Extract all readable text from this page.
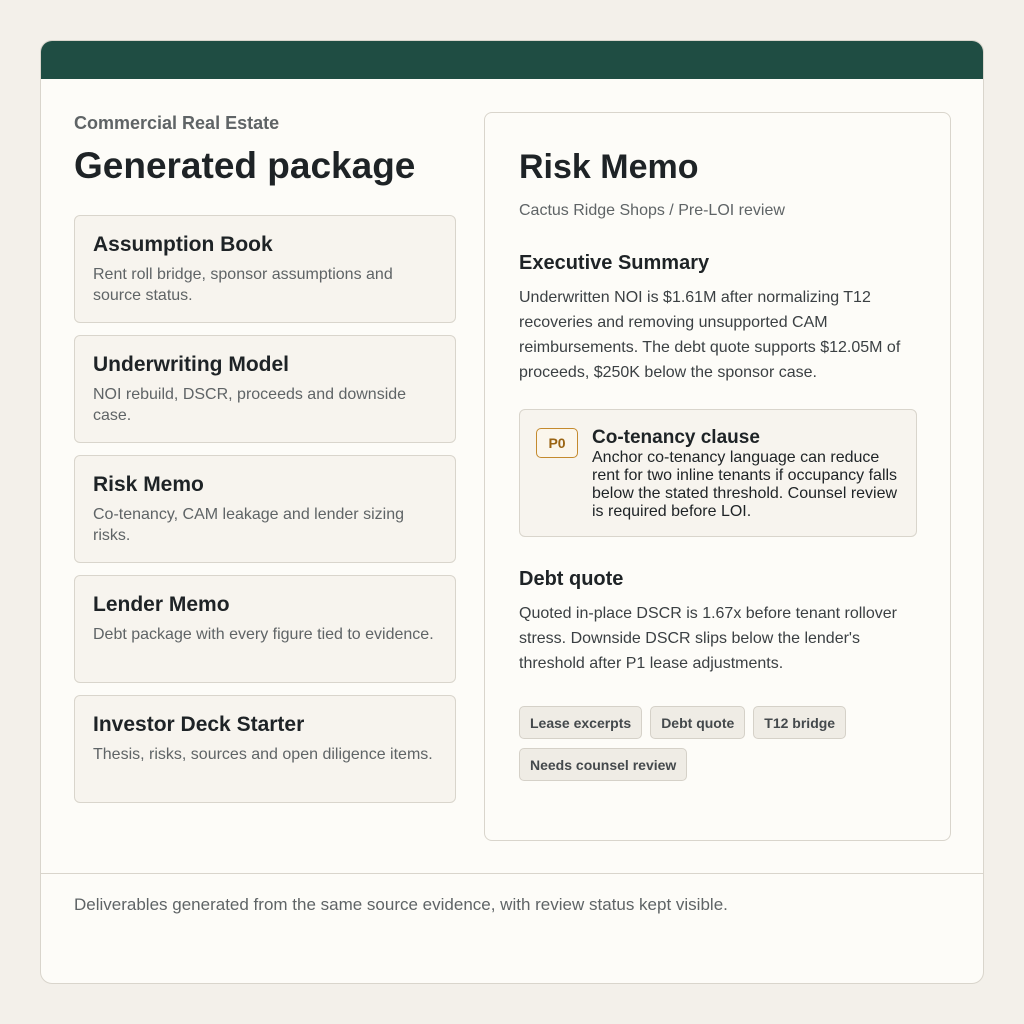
Commercial Real Estate
Generated package
Assumption Book
Rent roll bridge, sponsor assumptions and source status.
Underwriting Model
NOI rebuild, DSCR, proceeds and downside case.
Risk Memo
Co-tenancy, CAM leakage and lender sizing risks.
Lender Memo
Debt package with every figure tied to evidence.
Investor Deck Starter
Thesis, risks, sources and open diligence items.
Risk Memo
Cactus Ridge Shops / Pre-LOI review
Executive Summary
Underwritten NOI is $1.61M after normalizing T12 recoveries and removing unsupported CAM reimbursements. The debt quote supports $12.05M of proceeds, $250K below the sponsor case.
P0	Co-tenancy clause
Anchor co-tenancy language can reduce rent for two inline tenants if occupancy falls below the stated threshold. Counsel review is required before LOI.
Debt quote
Quoted in-place DSCR is 1.67x before tenant rollover stress. Downside DSCR slips below the lender's threshold after P1 lease adjustments.
Lease excerpts	Debt quote	T12 bridge
Needs counsel review
Deliverables generated from the same source evidence, with review status kept visible.
